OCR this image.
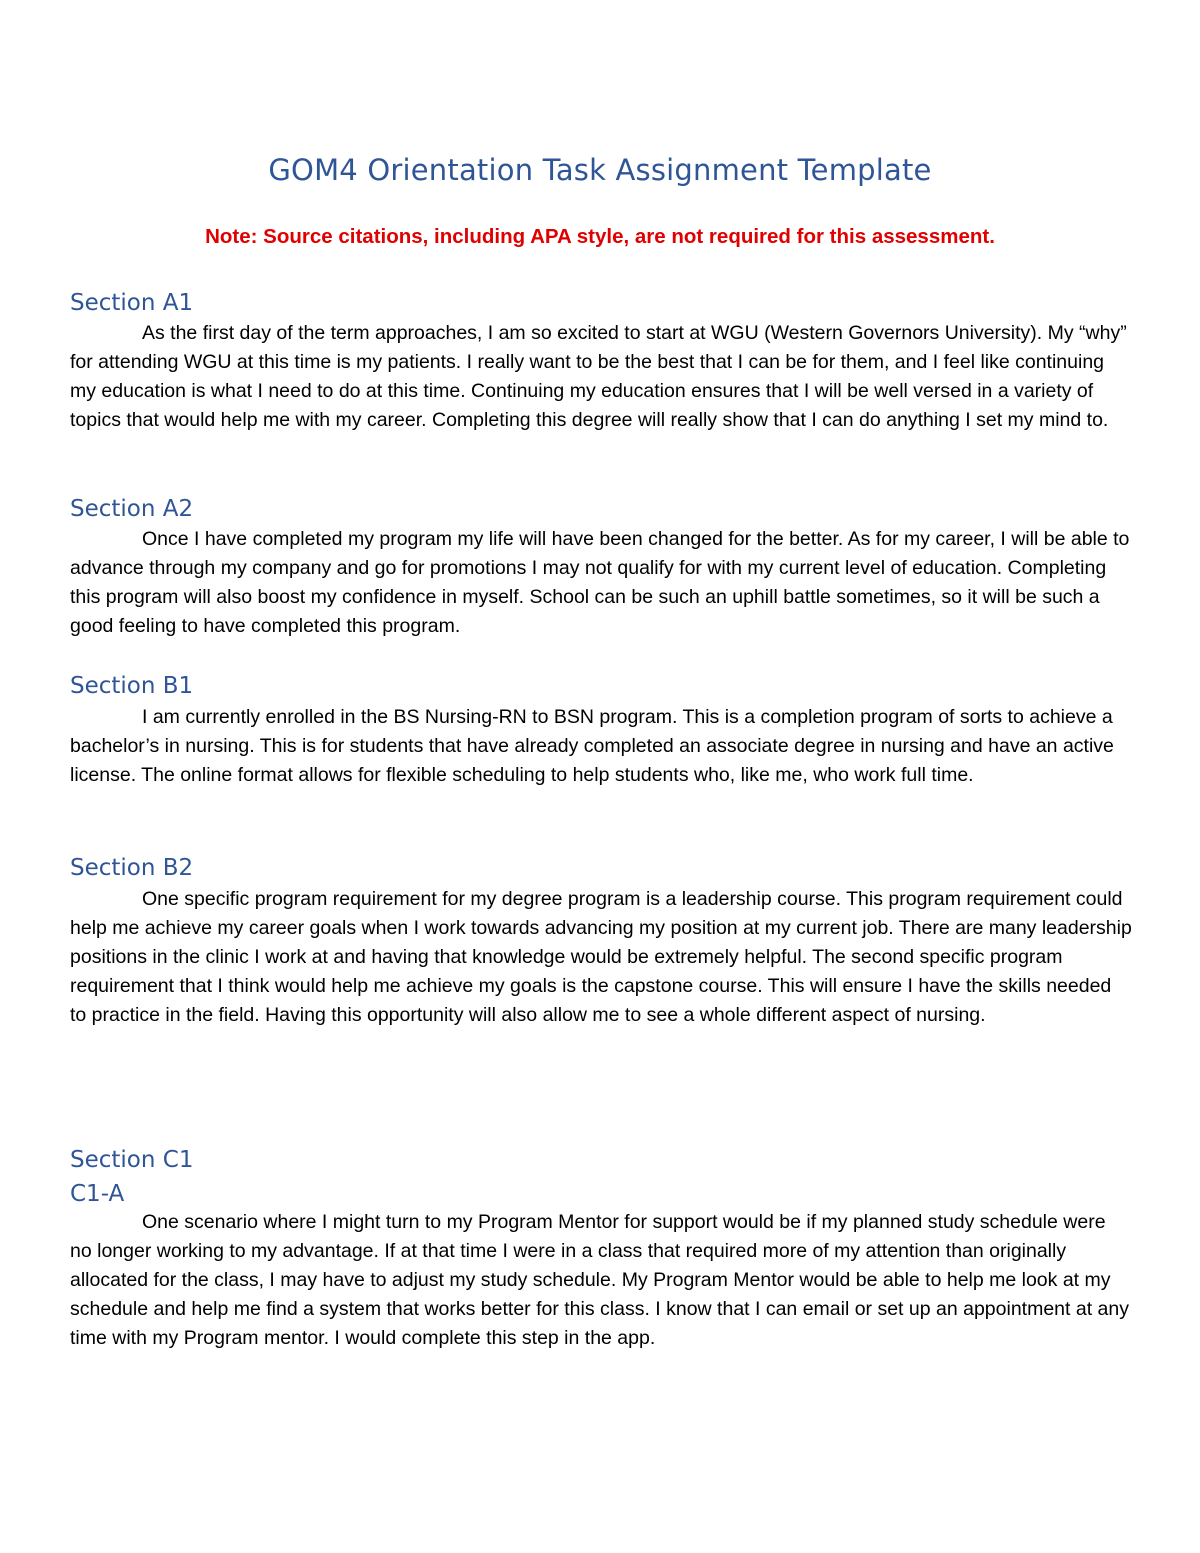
GOM4 Orientation Task Assignment Template
Note: Source citations, including APA style, are not required for this assessment.
Section A1

As the first day of the term approaches, I am so excited to start at WGU (Western Governors University). My “why” for attending WGU at this time is my patients. I really want to be the best that I can be for them, and I feel like continuing my education is what I need to do at this time. Continuing my education ensures that I will be well versed in a variety of topics that would help me with my career. Completing this degree will really show that I can do anything I set my mind to.

Section A2

Once I have completed my program my life will have been changed for the better. As for my career, I will be able to advance through my company and go for promotions I may not qualify for with my current level of education. Completing this program will also boost my confidence in myself. School can be such an uphill battle sometimes, so it will be such a good feeling to have completed this program.

Section B1

I am currently enrolled in the BS Nursing-RN to BSN program. This is a completion program of sorts to achieve a bachelor’s in nursing. This is for students that have already completed an associate degree in nursing and have an active license. The online format allows for flexible scheduling to help students who, like me, who work full time.

Section B2

One specific program requirement for my degree program is a leadership course. This program requirement could help me achieve my career goals when I work towards advancing my position at my current job. There are many leadership positions in the clinic I work at and having that knowledge would be extremely helpful. The second specific program requirement that I think would help me achieve my goals is the capstone course. This will ensure I have the skills needed to practice in the field. Having this opportunity will also allow me to see a whole different aspect of nursing.

Section C1
C1-A

One scenario where I might turn to my Program Mentor for support would be if my planned study schedule were no longer working to my advantage. If at that time I were in a class that required more of my attention than originally allocated for the class, I may have to adjust my study schedule. My Program Mentor would be able to help me look at my schedule and help me find a system that works better for this class. I know that I can email or set up an appointment at any time with my Program mentor. I would complete this step in the app.
